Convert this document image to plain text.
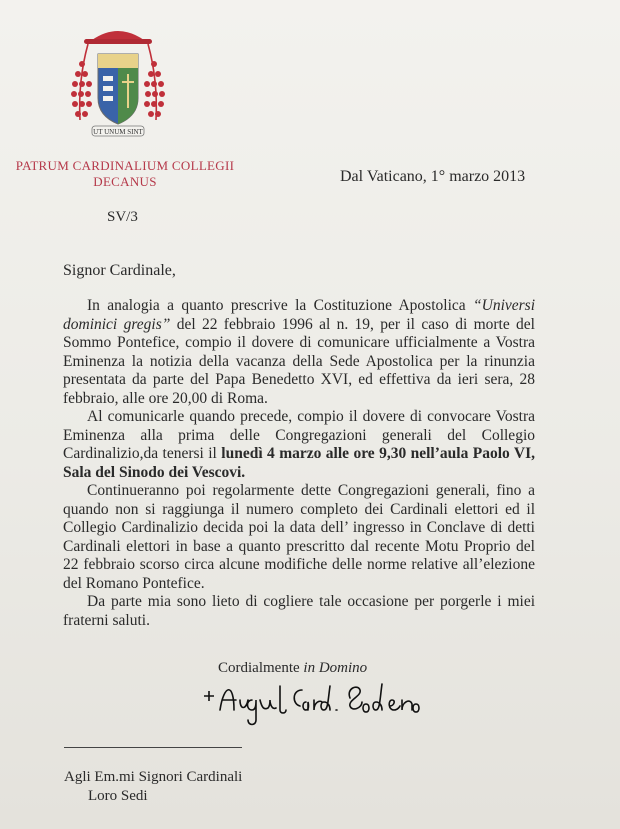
UT UNUM SINT
PATRUM CARDINALIUM COLLEGII
DECANUS	Dal Vaticano, 1° marzo 2013
SV/3
Signor Cardinale,

In analogia a quanto prescrive la Costituzione Apostolica “Universi dominici gregis” del 22 febbraio 1996 al n. 19, per il caso di morte del Sommo Pontefice, compio il dovere di comunicare ufficialmente a Vostra Eminenza la notizia della vacanza della Sede Apostolica per la rinunzia presentata da parte del Papa Benedetto XVI, ed effettiva da ieri sera, 28 febbraio, alle ore 20,00 di Roma.

Al comunicarle quando precede, compio il dovere di convocare Vostra Eminenza alla prima delle Congregazioni generali del Collegio Cardinalizio,da tenersi il lunedì 4 marzo alle ore 9,30 nell’aula Paolo VI, Sala del Sinodo dei Vescovi.

Continueranno poi regolarmente dette Congregazioni generali, fino a quando non si raggiunga il numero completo dei Cardinali elettori ed il Collegio Cardinalizio decida poi la data dell’ ingresso in Conclave di detti Cardinali elettori in base a quanto prescritto dal recente Motu Proprio del 22 febbraio scorso circa alcune modifiche delle norme relative all’elezione del Romano Pontefice.

Da parte mia sono lieto di cogliere tale occasione per porgerle i miei fraterni saluti.

Cordialmente in Domino
Agli Em.mi Signori Cardinali
Loro Sedi
